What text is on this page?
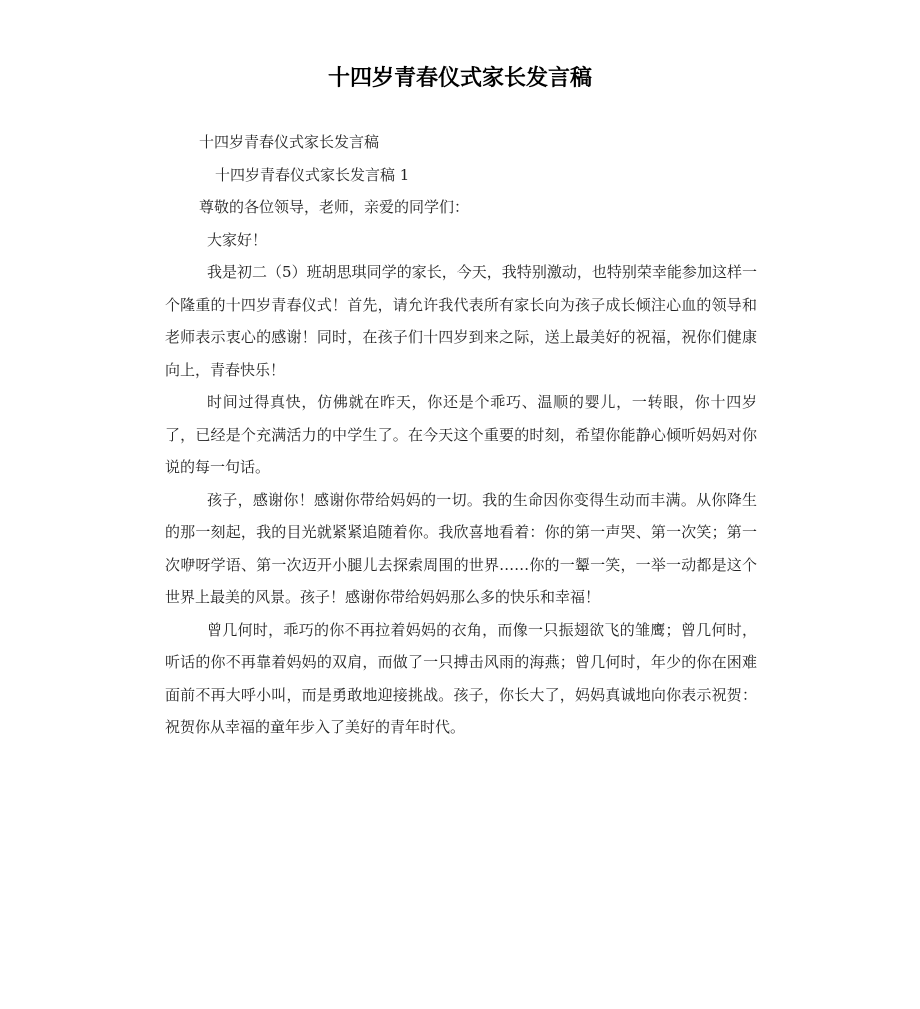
十四岁青春仪式家长发言稿
十四岁青春仪式家长发言稿
十四岁青春仪式家长发言稿 1
尊敬的各位领导，老师，亲爱的同学们：
大家好！

我是初二（5）班胡思琪同学的家长，今天，我特别激动，也特别荣幸能参加这样一个隆重的十四岁青春仪式！首先，请允许我代表所有家长向为孩子成长倾注心血的领导和老师表示衷心的感谢！同时，在孩子们十四岁到来之际，送上最美好的祝福，祝你们健康向上，青春快乐！

时间过得真快，仿佛就在昨天，你还是个乖巧、温顺的婴儿，一转眼，你十四岁了，已经是个充满活力的中学生了。在今天这个重要的时刻，希望你能静心倾听妈妈对你说的每一句话。

孩子，感谢你！感谢你带给妈妈的一切。我的生命因你变得生动而丰满。从你降生的那一刻起，我的目光就紧紧追随着你。我欣喜地看着：你的第一声哭、第一次笑；第一次咿呀学语、第一次迈开小腿儿去探索周围的世界……你的一颦一笑，一举一动都是这个世界上最美的风景。孩子！感谢你带给妈妈那么多的快乐和幸福！

曾几何时，乖巧的你不再拉着妈妈的衣角，而像一只振翅欲飞的雏鹰；曾几何时，听话的你不再靠着妈妈的双肩，而做了一只搏击风雨的海燕；曾几何时，年少的你在困难面前不再大呼小叫，而是勇敢地迎接挑战。孩子，你长大了，妈妈真诚地向你表示祝贺：祝贺你从幸福的童年步入了美好的青年时代。
